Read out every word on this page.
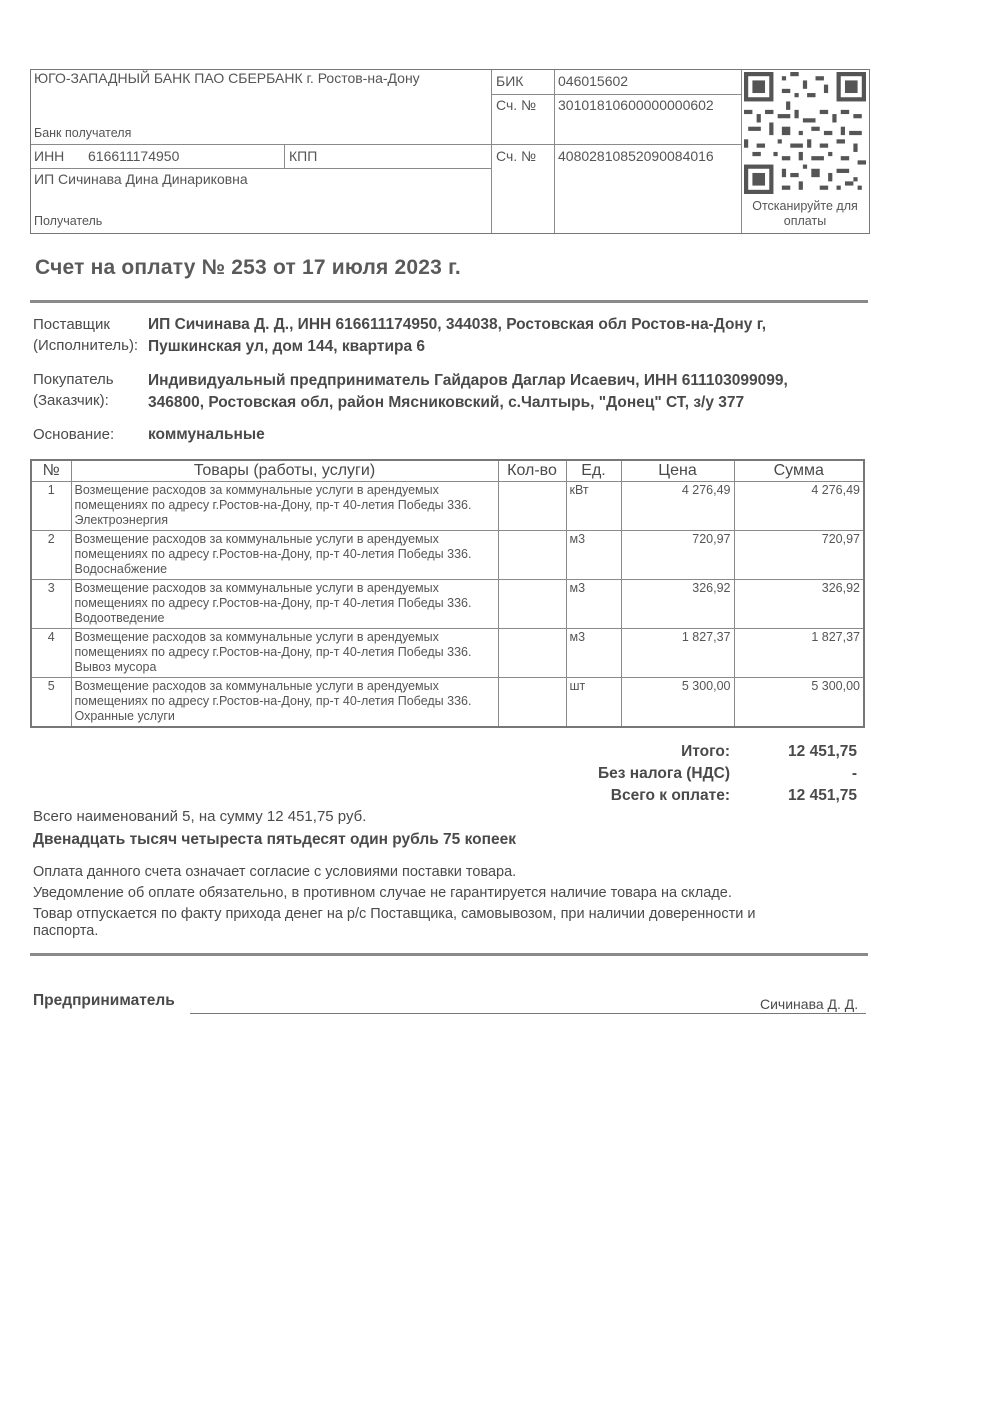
ЮГО-ЗАПАДНЫЙ БАНК ПАО СБЕРБАНК г. Ростов-на-Дону
Банк получателя
БИК 046015602
Сч. № 30101810600000000602
ИНН 616611174950	КПП	Сч. № 40802810852090084016
ИП Сичинава Дина Динариковна
Получатель
Отсканируйте для оплаты
Счет на оплату № 253 от 17 июля 2023 г.
Поставщик
(Исполнитель):
ИП Сичинава Д. Д., ИНН 616611174950, 344038, Ростовская обл Ростов-на-Дону г,
Пушкинская ул, дом 144, квартира 6
Покупатель
(Заказчик):
Индивидуальный предприниматель Гайдаров Даглар Исаевич, ИНН 611103099099,
346800, Ростовская обл, район Мясниковский, с.Чалтырь, "Донец" СТ, з/у 377
Основание: коммунальные
№	Товары (работы, услуги)	Кол-во	Ед.	Цена	Сумма
1	Возмещение расходов за коммунальные услуги в арендуемых помещениях по адресу г.Ростов-на-Дону, пр-т 40-летия Победы 336. Электроэнергия		кВт	4 276,49	4 276,49
2	Возмещение расходов за коммунальные услуги в арендуемых помещениях по адресу г.Ростов-на-Дону, пр-т 40-летия Победы 336. Водоснабжение		м3	720,97	720,97
3	Возмещение расходов за коммунальные услуги в арендуемых помещениях по адресу г.Ростов-на-Дону, пр-т 40-летия Победы 336. Водоотведение		м3	326,92	326,92
4	Возмещение расходов за коммунальные услуги в арендуемых помещениях по адресу г.Ростов-на-Дону, пр-т 40-летия Победы 336. Вывоз мусора		м3	1 827,37	1 827,37
5	Возмещение расходов за коммунальные услуги в арендуемых помещениях по адресу г.Ростов-на-Дону, пр-т 40-летия Победы 336. Охранные услуги		шт	5 300,00	5 300,00
Итого:	12 451,75
Без налога (НДС)	-
Всего к оплате:	12 451,75
Всего наименований 5, на сумму 12 451,75 руб.
Двенадцать тысяч четыреста пятьдесят один рубль 75 копеек
Оплата данного счета означает согласие с условиями поставки товара.
Уведомление об оплате обязательно, в противном случае не гарантируется наличие товара на складе.
Товар отпускается по факту прихода денег на р/с Поставщика, самовывозом, при наличии доверенности и
паспорта.
Предприниматель	Сичинава Д. Д.
